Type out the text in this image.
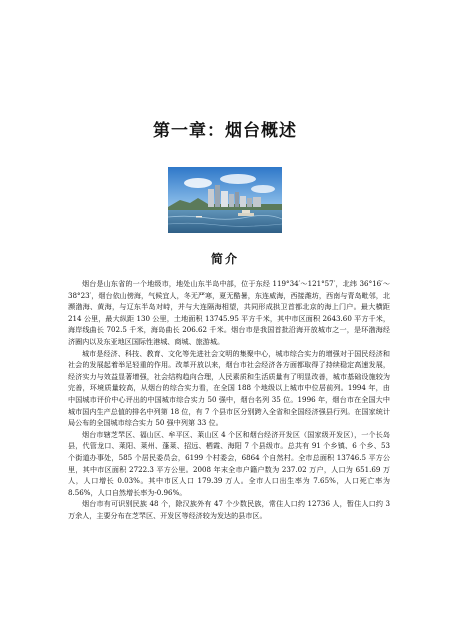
第一章：烟台概述
简介

烟台是山东省的一个地级市，地处山东半岛中部，位于东经 119°34′～121°57′，北纬 36°16′～38°23′，烟台依山傍海，气候宜人，冬无严寒，夏无酷暑，东连威海，西接潍坊，西南与青岛毗邻，北濒渤海、黄海，与辽东半岛对峙，并与大连隔海相望，共同形成拱卫首都北京的海上门户。最大横距 214 公里，最大纵距 130 公里，土地面积 13745.95 平方千米，其中市区面积 2643.60 平方千米，海岸线曲长 702.5 千米，海岛曲长 206.62 千米。烟台市是我国首批沿海开放城市之一，是环渤海经济圈内以及东亚地区国际性港城、商城、旅游城。

城市是经济、科技、教育、文化等先进社会文明的集聚中心，城市综合实力的增强对于国民经济和社会的发展起着举足轻重的作用。改革开放以来，烟台市社会经济各方面都取得了持续稳定高速发展，经济实力与效益显著增强，社会结构趋向合理，人民素质和生活质量有了明显改善，城市基础设施较为完善，环境质量较高，从烟台的综合实力看，在全国 188 个地级以上城市中位居前列。1994 年，由中国城市评价中心评出的中国城市综合实力 50 强中，烟台名列 35 位。1996 年，烟台市在全国大中城市国内生产总值的排名中列第 18 位，有 7 个县市区分别跨入全省和全国经济强县行列。在国家统计局公布的全国城市综合实力 50 强中列第 33 位。

烟台市辖芝罘区、福山区、牟平区、莱山区 4 个区和烟台经济开发区（国家级开发区），一个长岛县，代管龙口、莱阳、莱州、蓬莱、招远、栖霞、海阳 7 个县级市。总共有 91 个乡镇、6 个乡、53 个街道办事处，585 个居民委员会，6199 个村委会，6864 个自然村。全市总面积 13746.5 平方公里，其中市区面积 2722.3 平方公里。2008 年末全市户籍户数为 237.02 万户，人口为 651.69 万人，人口增长 0.03%。其中市区人口 179.39 万人。全市人口出生率为 7.65%，人口死亡率为 8.56%，人口自然增长率为-0.96%。

烟台市有可识别民族 48 个，除汉族外有 47 个少数民族，常住人口约 12736 人，暂住人口约 3 万余人，主要分布在芝罘区、开发区等经济较为发达的县市区。
